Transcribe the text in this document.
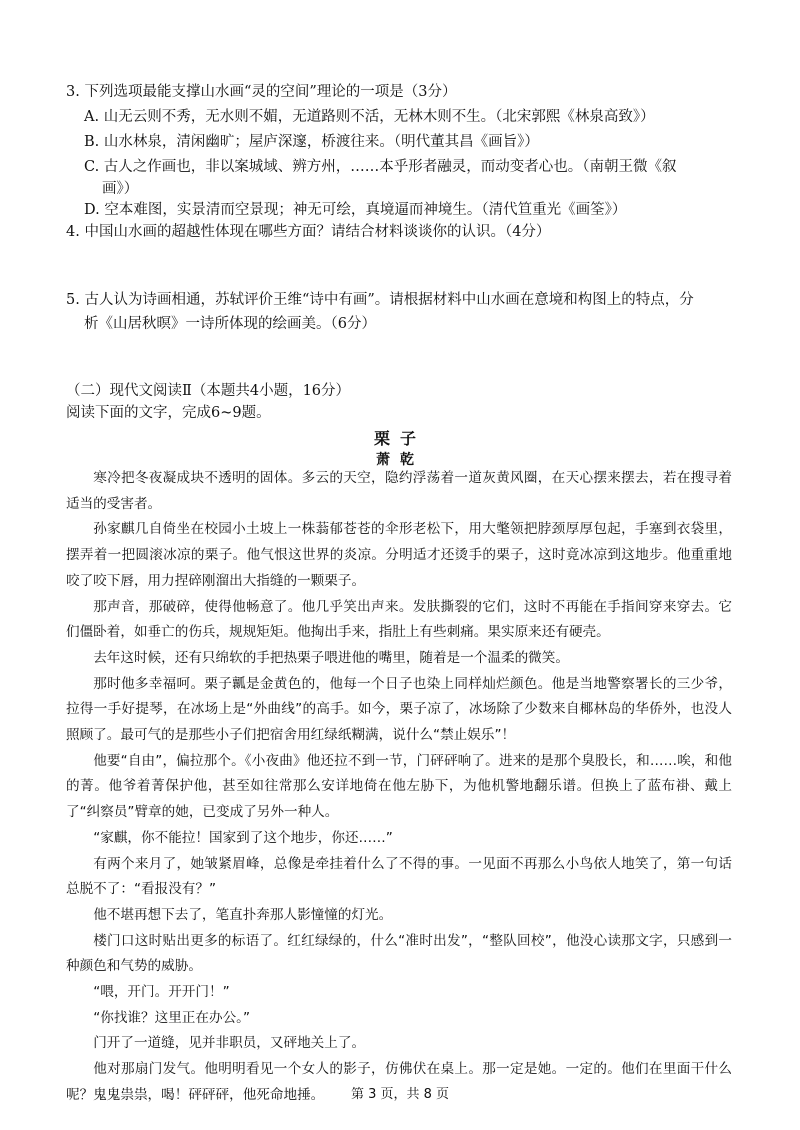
3. 下列选项最能支撑山水画“灵的空间”理论的一项是（3分）
A. 山无云则不秀，无水则不媚，无道路则不活，无林木则不生。（北宋郭熙《林泉高致》）
B. 山水林泉，清闲幽旷；屋庐深邃，桥渡往来。（明代董其昌《画旨》）
C. 古人之作画也，非以案城域、辨方州，……本乎形者融灵，而动变者心也。（南朝王微《叙
画》）
D. 空本难图，实景清而空景现；神无可绘，真境逼而神境生。（清代笪重光《画筌》）
4. 中国山水画的超越性体现在哪些方面？请结合材料谈谈你的认识。（4分）
5. 古人认为诗画相通，苏轼评价王维“诗中有画”。请根据材料中山水画在意境和构图上的特点，分
析《山居秋暝》一诗所体现的绘画美。（6分）
（二）现代文阅读Ⅱ（本题共4小题，16分）
阅读下面的文字，完成6~9题。
栗子
萧乾

寒冷把冬夜凝成块不透明的固体。多云的天空，隐约浮荡着一道灰黄风圈，在天心摆来摆去，若在搜寻着适当的受害者。

孙家麒几自倚坐在校园小土坡上一株蓊郁苍苍的伞形老松下，用大氅领把脖颈厚厚包起，手塞到衣袋里，摆弄着一把圆滚冰凉的栗子。他气恨这世界的炎凉。分明适才还烫手的栗子，这时竟冰凉到这地步。他重重地咬了咬下唇，用力捏碎刚溜出大指缝的一颗栗子。

那声音，那破碎，使得他畅意了。他几乎笑出声来。发肤撕裂的它们，这时不再能在手指间穿来穿去。它们僵卧着，如垂亡的伤兵，规规矩矩。他掏出手来，指肚上有些刺痛。果实原来还有硬壳。

去年这时候，还有只绵软的手把热栗子喂进他的嘴里，随着是一个温柔的微笑。

那时他多幸福呵。栗子瓤是金黄色的，他每一个日子也染上同样灿烂颜色。他是当地警察署长的三少爷，拉得一手好提琴，在冰场上是“外曲线”的高手。如今，栗子凉了，冰场除了少数来自椰林岛的华侨外，也没人照顾了。最可气的是那些小子们把宿舍用红绿纸糊满，说什么“禁止娱乐”！

他要“自由”，偏拉那个。《小夜曲》他还拉不到一节，门砰砰响了。进来的是那个臭股长，和……唉，和他的菁。他爷着菁保护他，甚至如往常那么安详地倚在他左胁下，为他机警地翻乐谱。但换上了蓝布褂、戴上了“纠察员”臂章的她，已变成了另外一种人。

“家麒，你不能拉！国家到了这个地步，你还……”

有两个来月了，她皱紧眉峰，总像是牵挂着什么了不得的事。一见面不再那么小鸟依人地笑了，第一句话总脱不了：“看报没有？”

他不堪再想下去了，笔直扑奔那人影憧憧的灯光。

楼门口这时贴出更多的标语了。红红绿绿的，什么“准时出发”，“整队回校”，他没心读那文字，只感到一种颜色和气势的威胁。

“喂，开门。开开门！”

“你找谁？这里正在办公。”

门开了一道缝，见并非职员，又砰地关上了。

他对那扇门发气。他明明看见一个女人的影子，仿佛伏在桌上。那一定是她。一定的。他们在里面干什么呢？鬼鬼祟祟，喝！砰砰砰，他死命地捶。	第 3 页，共 8 页
